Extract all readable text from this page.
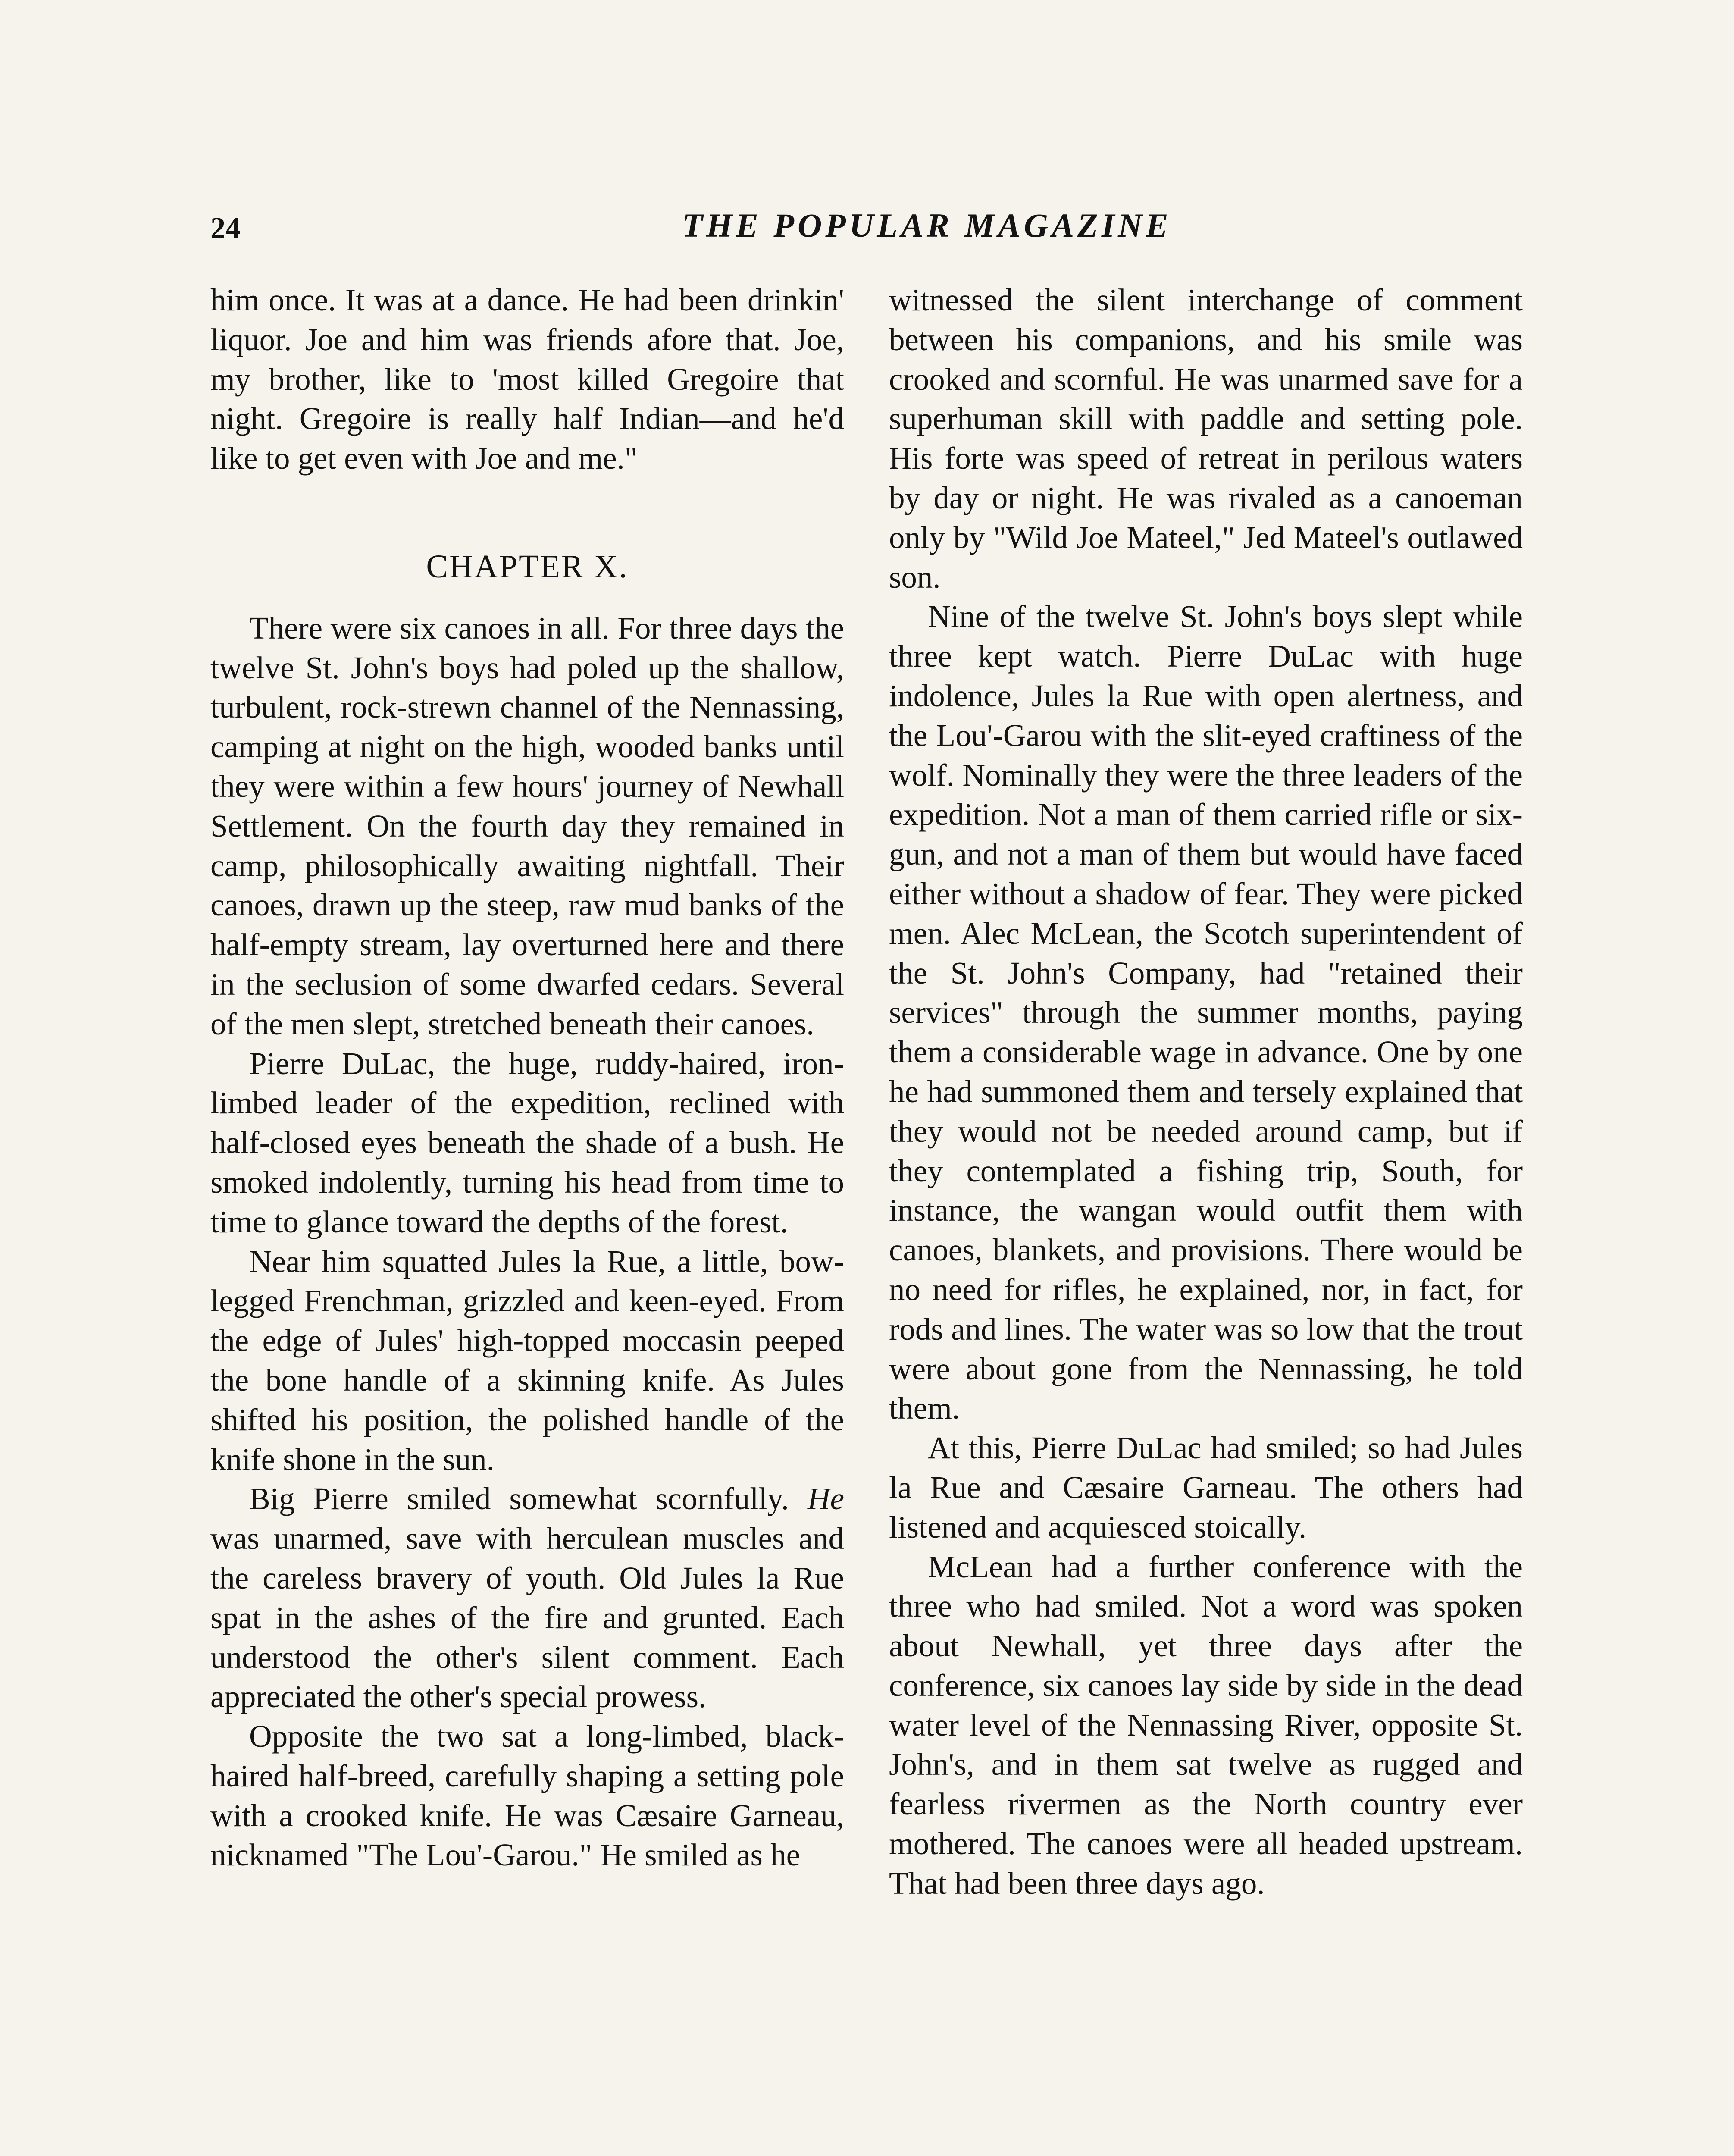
24	THE POPULAR MAGAZINE

him once. It was at a dance. He had been drinkin' liquor. Joe and him was friends afore that. Joe, my brother, like to 'most killed Gregoire that night. Gregoire is really half Indian—and he'd like to get even with Joe and me."

CHAPTER X.

There were six canoes in all. For three days the twelve St. John's boys had poled up the shallow, turbulent, rock-strewn channel of the Nennassing, camping at night on the high, wooded banks until they were within a few hours' journey of Newhall Settlement. On the fourth day they remained in camp, philosophically awaiting nightfall. Their canoes, drawn up the steep, raw mud banks of the half-empty stream, lay overturned here and there in the seclusion of some dwarfed cedars. Several of the men slept, stretched beneath their canoes.

Pierre DuLac, the huge, ruddy-haired, iron-limbed leader of the expedition, reclined with half-closed eyes beneath the shade of a bush. He smoked indolently, turning his head from time to time to glance toward the depths of the forest.

Near him squatted Jules la Rue, a little, bow-legged Frenchman, grizzled and keen-eyed. From the edge of Jules' high-topped moccasin peeped the bone handle of a skinning knife. As Jules shifted his position, the polished handle of the knife shone in the sun.

Big Pierre smiled somewhat scornfully. He was unarmed, save with herculean muscles and the careless bravery of youth. Old Jules la Rue spat in the ashes of the fire and grunted. Each understood the other's silent comment. Each appreciated the other's special prowess.

Opposite the two sat a long-limbed, black-haired half-breed, carefully shaping a setting pole with a crooked knife. He was Cæsaire Garneau, nicknamed "The Lou'-Garou." He smiled as he

witnessed the silent interchange of comment between his companions, and his smile was crooked and scornful. He was unarmed save for a superhuman skill with paddle and setting pole. His forte was speed of retreat in perilous waters by day or night. He was rivaled as a canoeman only by "Wild Joe Mateel," Jed Mateel's outlawed son.

Nine of the twelve St. John's boys slept while three kept watch. Pierre DuLac with huge indolence, Jules la Rue with open alertness, and the Lou'-Garou with the slit-eyed craftiness of the wolf. Nominally they were the three leaders of the expedition. Not a man of them carried rifle or six-gun, and not a man of them but would have faced either without a shadow of fear. They were picked men. Alec McLean, the Scotch superintendent of the St. John's Company, had "retained their services" through the summer months, paying them a considerable wage in advance. One by one he had summoned them and tersely explained that they would not be needed around camp, but if they contemplated a fishing trip, South, for instance, the wangan would outfit them with canoes, blankets, and provisions. There would be no need for rifles, he explained, nor, in fact, for rods and lines. The water was so low that the trout were about gone from the Nennassing, he told them.

At this, Pierre DuLac had smiled; so had Jules la Rue and Cæsaire Garneau. The others had listened and acquiesced stoically.

McLean had a further conference with the three who had smiled. Not a word was spoken about Newhall, yet three days after the conference, six canoes lay side by side in the dead water level of the Nennassing River, opposite St. John's, and in them sat twelve as rugged and fearless rivermen as the North country ever mothered. The canoes were all headed upstream. That had been three days ago.
